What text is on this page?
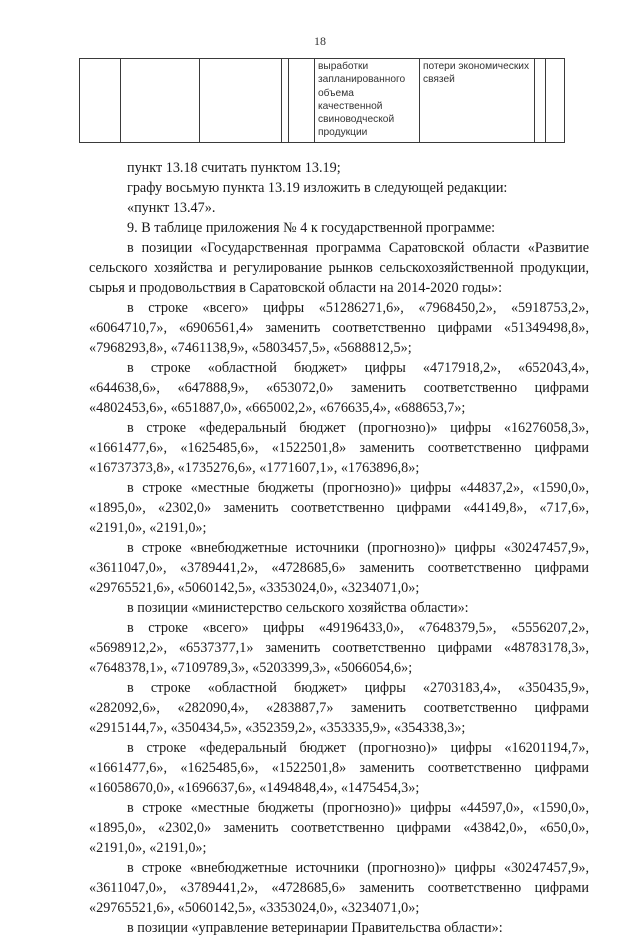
18
					выработки
запланированного
объема
качественной
свиноводческой
продукции	потери экономических
связей		
пункт 13.18 считать пунктом 13.19;
графу восьмую пункта 13.19 изложить в следующей редакции:
«пункт 13.47».
9. В таблице приложения № 4 к государственной программе:
в позиции «Государственная программа Саратовской области «Развитие
сельского хозяйства и регулирование рынков сельскохозяйственной продукции,
сырья и продовольствия в Саратовской области на 2014-2020 годы»:
в строке «всего» цифры «51286271,6», «7968450,2», «5918753,2»,
«6064710,7», «6906561,4» заменить соответственно цифрами «51349498,8»,
«7968293,8», «7461138,9», «5803457,5», «5688812,5»;
в строке «областной бюджет» цифры «4717918,2», «652043,4»,
«644638,6», «647888,9», «653072,0» заменить соответственно цифрами
«4802453,6», «651887,0», «665002,2», «676635,4», «688653,7»;
в строке «федеральный бюджет (прогнозно)» цифры «16276058,3»,
«1661477,6», «1625485,6», «1522501,8» заменить соответственно цифрами
«16737373,8», «1735276,6», «1771607,1», «1763896,8»;
в строке «местные бюджеты (прогнозно)» цифры «44837,2», «1590,0»,
«1895,0», «2302,0» заменить соответственно цифрами «44149,8», «717,6»,
«2191,0», «2191,0»;
в строке «внебюджетные источники (прогнозно)» цифры «30247457,9»,
«3611047,0», «3789441,2», «4728685,6» заменить соответственно цифрами
«29765521,6», «5060142,5», «3353024,0», «3234071,0»;
в позиции «министерство сельского хозяйства области»:
в строке «всего» цифры «49196433,0», «7648379,5», «5556207,2»,
«5698912,2», «6537377,1» заменить соответственно цифрами «48783178,3»,
«7648378,1», «7109789,3», «5203399,3», «5066054,6»;
в строке «областной бюджет» цифры «2703183,4», «350435,9»,
«282092,6», «282090,4», «283887,7» заменить соответственно цифрами
«2915144,7», «350434,5», «352359,2», «353335,9», «354338,3»;
в строке «федеральный бюджет (прогнозно)» цифры «16201194,7»,
«1661477,6», «1625485,6», «1522501,8» заменить соответственно цифрами
«16058670,0», «1696637,6», «1494848,4», «1475454,3»;
в строке «местные бюджеты (прогнозно)» цифры «44597,0», «1590,0»,
«1895,0», «2302,0» заменить соответственно цифрами «43842,0», «650,0»,
«2191,0», «2191,0»;
в строке «внебюджетные источники (прогнозно)» цифры «30247457,9»,
«3611047,0», «3789441,2», «4728685,6» заменить соответственно цифрами
«29765521,6», «5060142,5», «3353024,0», «3234071,0»;
в позиции «управление ветеринарии Правительства области»:
